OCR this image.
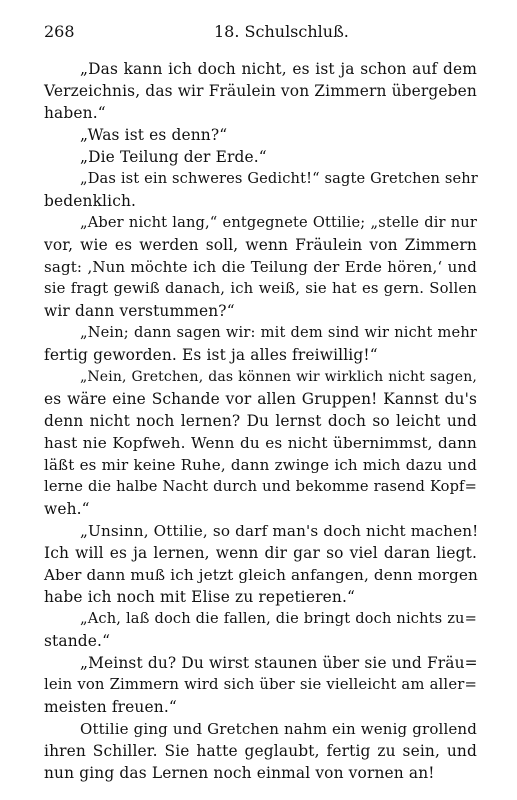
268	18. Schulschluß.
„Das kann ich doch nicht, es ist ja schon auf dem
Verzeichnis, das wir Fräulein von Zimmern übergeben
haben.“
„Was ist es denn?“
„Die Teilung der Erde.“
„Das ist ein schweres Gedicht!“ sagte Gretchen sehr
bedenklich.
„Aber nicht lang,“ entgegnete Ottilie; „stelle dir nur
vor, wie es werden soll, wenn Fräulein von Zimmern
sagt: ‚Nun möchte ich die Teilung der Erde hören,‘ und
sie fragt gewiß danach, ich weiß, sie hat es gern. Sollen
wir dann verstummen?“
„Nein; dann sagen wir: mit dem sind wir nicht mehr
fertig geworden. Es ist ja alles freiwillig!“
„Nein, Gretchen, das können wir wirklich nicht sagen,
es wäre eine Schande vor allen Gruppen! Kannst du's
denn nicht noch lernen? Du lernst doch so leicht und
hast nie Kopfweh. Wenn du es nicht übernimmst, dann
läßt es mir keine Ruhe, dann zwinge ich mich dazu und
lerne die halbe Nacht durch und bekomme rasend Kopf=
weh.“
„Unsinn, Ottilie, so darf man's doch nicht machen!
Ich will es ja lernen, wenn dir gar so viel daran liegt.
Aber dann muß ich jetzt gleich anfangen, denn morgen
habe ich noch mit Elise zu repetieren.“
„Ach, laß doch die fallen, die bringt doch nichts zu=
stande.“
„Meinst du? Du wirst staunen über sie und Fräu=
lein von Zimmern wird sich über sie vielleicht am aller=
meisten freuen.“
Ottilie ging und Gretchen nahm ein wenig grollend
ihren Schiller. Sie hatte geglaubt, fertig zu sein, und
nun ging das Lernen noch einmal von vornen an!
